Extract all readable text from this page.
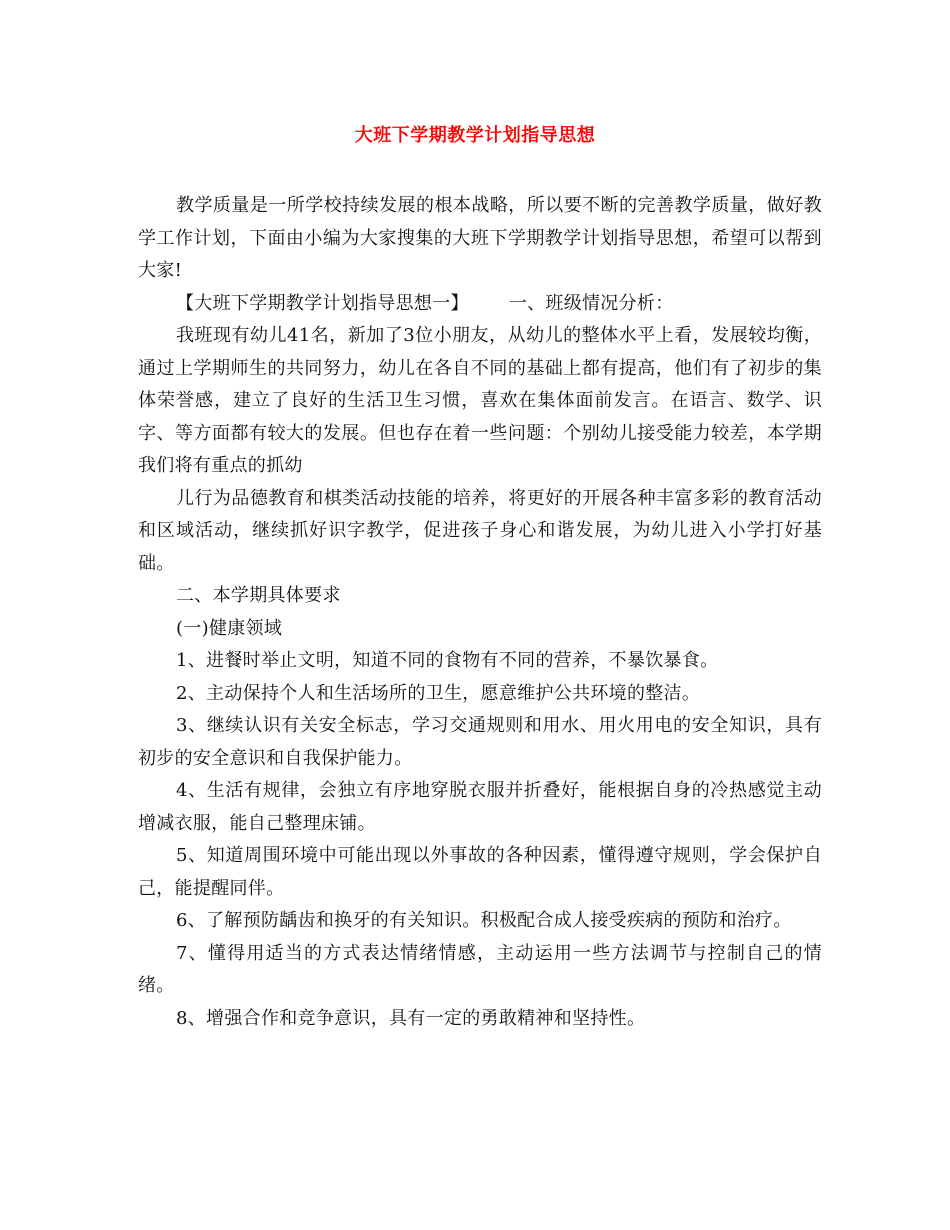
大班下学期教学计划指导思想

教学质量是一所学校持续发展的根本战略，所以要不断的完善教学质量，做好教学工作计划，下面由小编为大家搜集的大班下学期教学计划指导思想，希望可以帮到大家!

【大班下学期教学计划指导思想一】 一、班级情况分析：

我班现有幼儿41名，新加了3位小朋友，从幼儿的整体水平上看，发展较均衡，通过上学期师生的共同努力，幼儿在各自不同的基础上都有提高，他们有了初步的集体荣誉感，建立了良好的生活卫生习惯，喜欢在集体面前发言。在语言、数学、识字、等方面都有较大的发展。但也存在着一些问题：个别幼儿接受能力较差，本学期我们将有重点的抓幼

儿行为品德教育和棋类活动技能的培养，将更好的开展各种丰富多彩的教育活动和区域活动，继续抓好识字教学，促进孩子身心和谐发展，为幼儿进入小学打好基础。

二、本学期具体要求

(一)健康领域

1、进餐时举止文明，知道不同的食物有不同的营养，不暴饮暴食。

2、主动保持个人和生活场所的卫生，愿意维护公共环境的整洁。

3、继续认识有关安全标志，学习交通规则和用水、用火用电的安全知识，具有初步的安全意识和自我保护能力。

4、生活有规律，会独立有序地穿脱衣服并折叠好，能根据自身的冷热感觉主动增减衣服，能自己整理床铺。

5、知道周围环境中可能出现以外事故的各种因素，懂得遵守规则，学会保护自己，能提醒同伴。

6、了解预防龋齿和换牙的有关知识。积极配合成人接受疾病的预防和治疗。

7、懂得用适当的方式表达情绪情感，主动运用一些方法调节与控制自己的情绪。

8、增强合作和竞争意识，具有一定的勇敢精神和坚持性。
